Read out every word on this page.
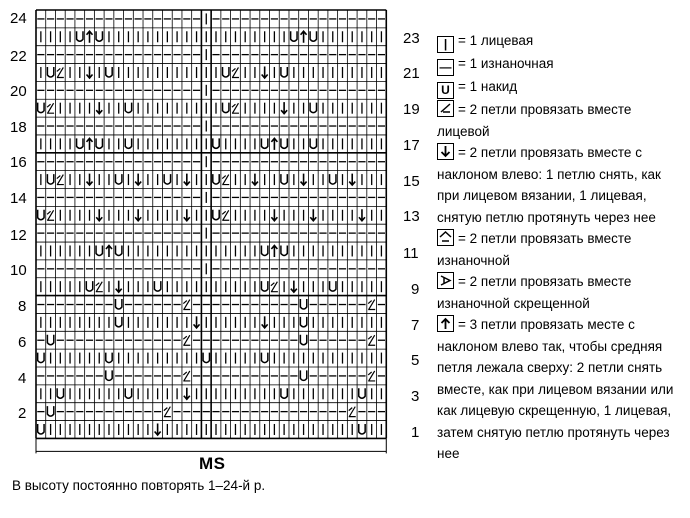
24
22
20
18
16
14
12
10
8
6
4
2
23
21
19
17
15
13
11
9
7
5
3
1
MS
В высоту постоянно повторять 1–24-й р.
| = 1 лицевая
— = 1 изнаночная
U = 1 накид
= 2 петли провязать вместе лицевой
= 2 петли провязать вместе с наклоном влево: 1 петлю снять, как при лицевом вязании, 1 лицевая, снятую петлю протянуть через нее
= 2 петли провязать вместе изнаночной
= 2 петли провязать вместе изнаночной скрещенной
= 3 петли провязать месте с наклоном влево так, чтобы средняя петля лежала сверху: 2 петли снять вместе, как при лицевом вязании или как лицевую скрещенную, 1 лицевая, затем снятую петлю протянуть через нее
